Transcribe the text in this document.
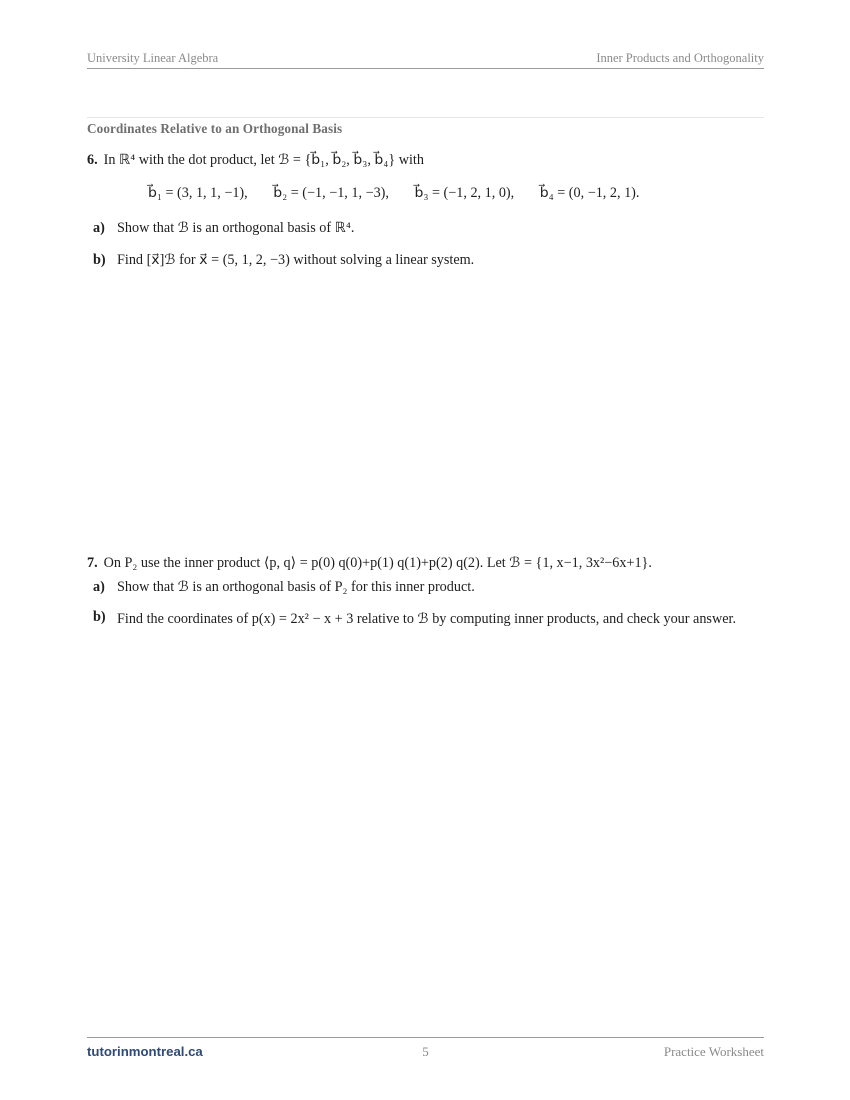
University Linear Algebra	Inner Products and Orthogonality
Coordinates Relative to an Orthogonal Basis
6. In ℝ⁴ with the dot product, let ℬ = {b⃗₁, b⃗₂, b⃗₃, b⃗₄} with
b⃗₁ = (3, 1, 1, −1), b⃗₂ = (−1, −1, 1, −3), b⃗₃ = (−1, 2, 1, 0), b⃗₄ = (0, −1, 2, 1).
a) Show that ℬ is an orthogonal basis of ℝ⁴.
b) Find [x⃗]ℬ for x⃗ = (5, 1, 2, −3) without solving a linear system.
7. On P₂ use the inner product ⟨p, q⟩ = p(0) q(0)+p(1) q(1)+p(2) q(2). Let ℬ = {1, x−1, 3x²−6x+1}.
a) Show that ℬ is an orthogonal basis of P₂ for this inner product.
b) Find the coordinates of p(x) = 2x² − x + 3 relative to ℬ by computing inner products, and check your answer.
tutorinmontreal.ca	5	Practice Worksheet
